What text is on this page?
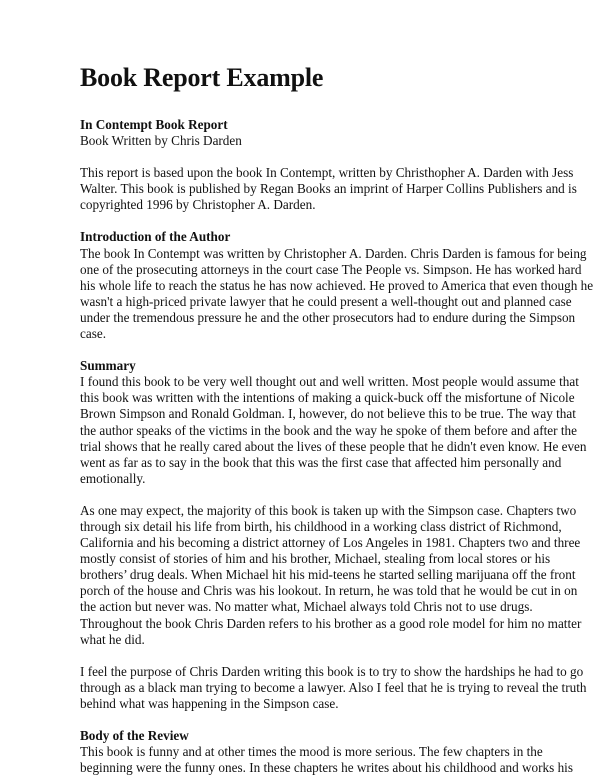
Book Report Example
In Contempt Book Report
Book Written by Chris Darden
This report is based upon the book In Contempt, written by Christhopher A. Darden with Jess
Walter. This book is published by Regan Books an imprint of Harper Collins Publishers and is
copyrighted 1996 by Christopher A. Darden.
Introduction of the Author
The book In Contempt was written by Christopher A. Darden. Chris Darden is famous for being
one of the prosecuting attorneys in the court case The People vs. Simpson. He has worked hard
his whole life to reach the status he has now achieved. He proved to America that even though he
wasn't a high-priced private lawyer that he could present a well-thought out and planned case
under the tremendous pressure he and the other prosecutors had to endure during the Simpson
case.
Summary
I found this book to be very well thought out and well written. Most people would assume that
this book was written with the intentions of making a quick-buck off the misfortune of Nicole
Brown Simpson and Ronald Goldman. I, however, do not believe this to be true. The way that
the author speaks of the victims in the book and the way he spoke of them before and after the
trial shows that he really cared about the lives of these people that he didn't even know. He even
went as far as to say in the book that this was the first case that affected him personally and
emotionally.
As one may expect, the majority of this book is taken up with the Simpson case. Chapters two
through six detail his life from birth, his childhood in a working class district of Richmond,
California and his becoming a district attorney of Los Angeles in 1981. Chapters two and three
mostly consist of stories of him and his brother, Michael, stealing from local stores or his
brothers’ drug deals. When Michael hit his mid-teens he started selling marijuana off the front
porch of the house and Chris was his lookout. In return, he was told that he would be cut in on
the action but never was. No matter what, Michael always told Chris not to use drugs.
Throughout the book Chris Darden refers to his brother as a good role model for him no matter
what he did.
I feel the purpose of Chris Darden writing this book is to try to show the hardships he had to go
through as a black man trying to become a lawyer. Also I feel that he is trying to reveal the truth
behind what was happening in the Simpson case.
Body of the Review
This book is funny and at other times the mood is more serious. The few chapters in the
beginning were the funny ones. In these chapters he writes about his childhood and works his
